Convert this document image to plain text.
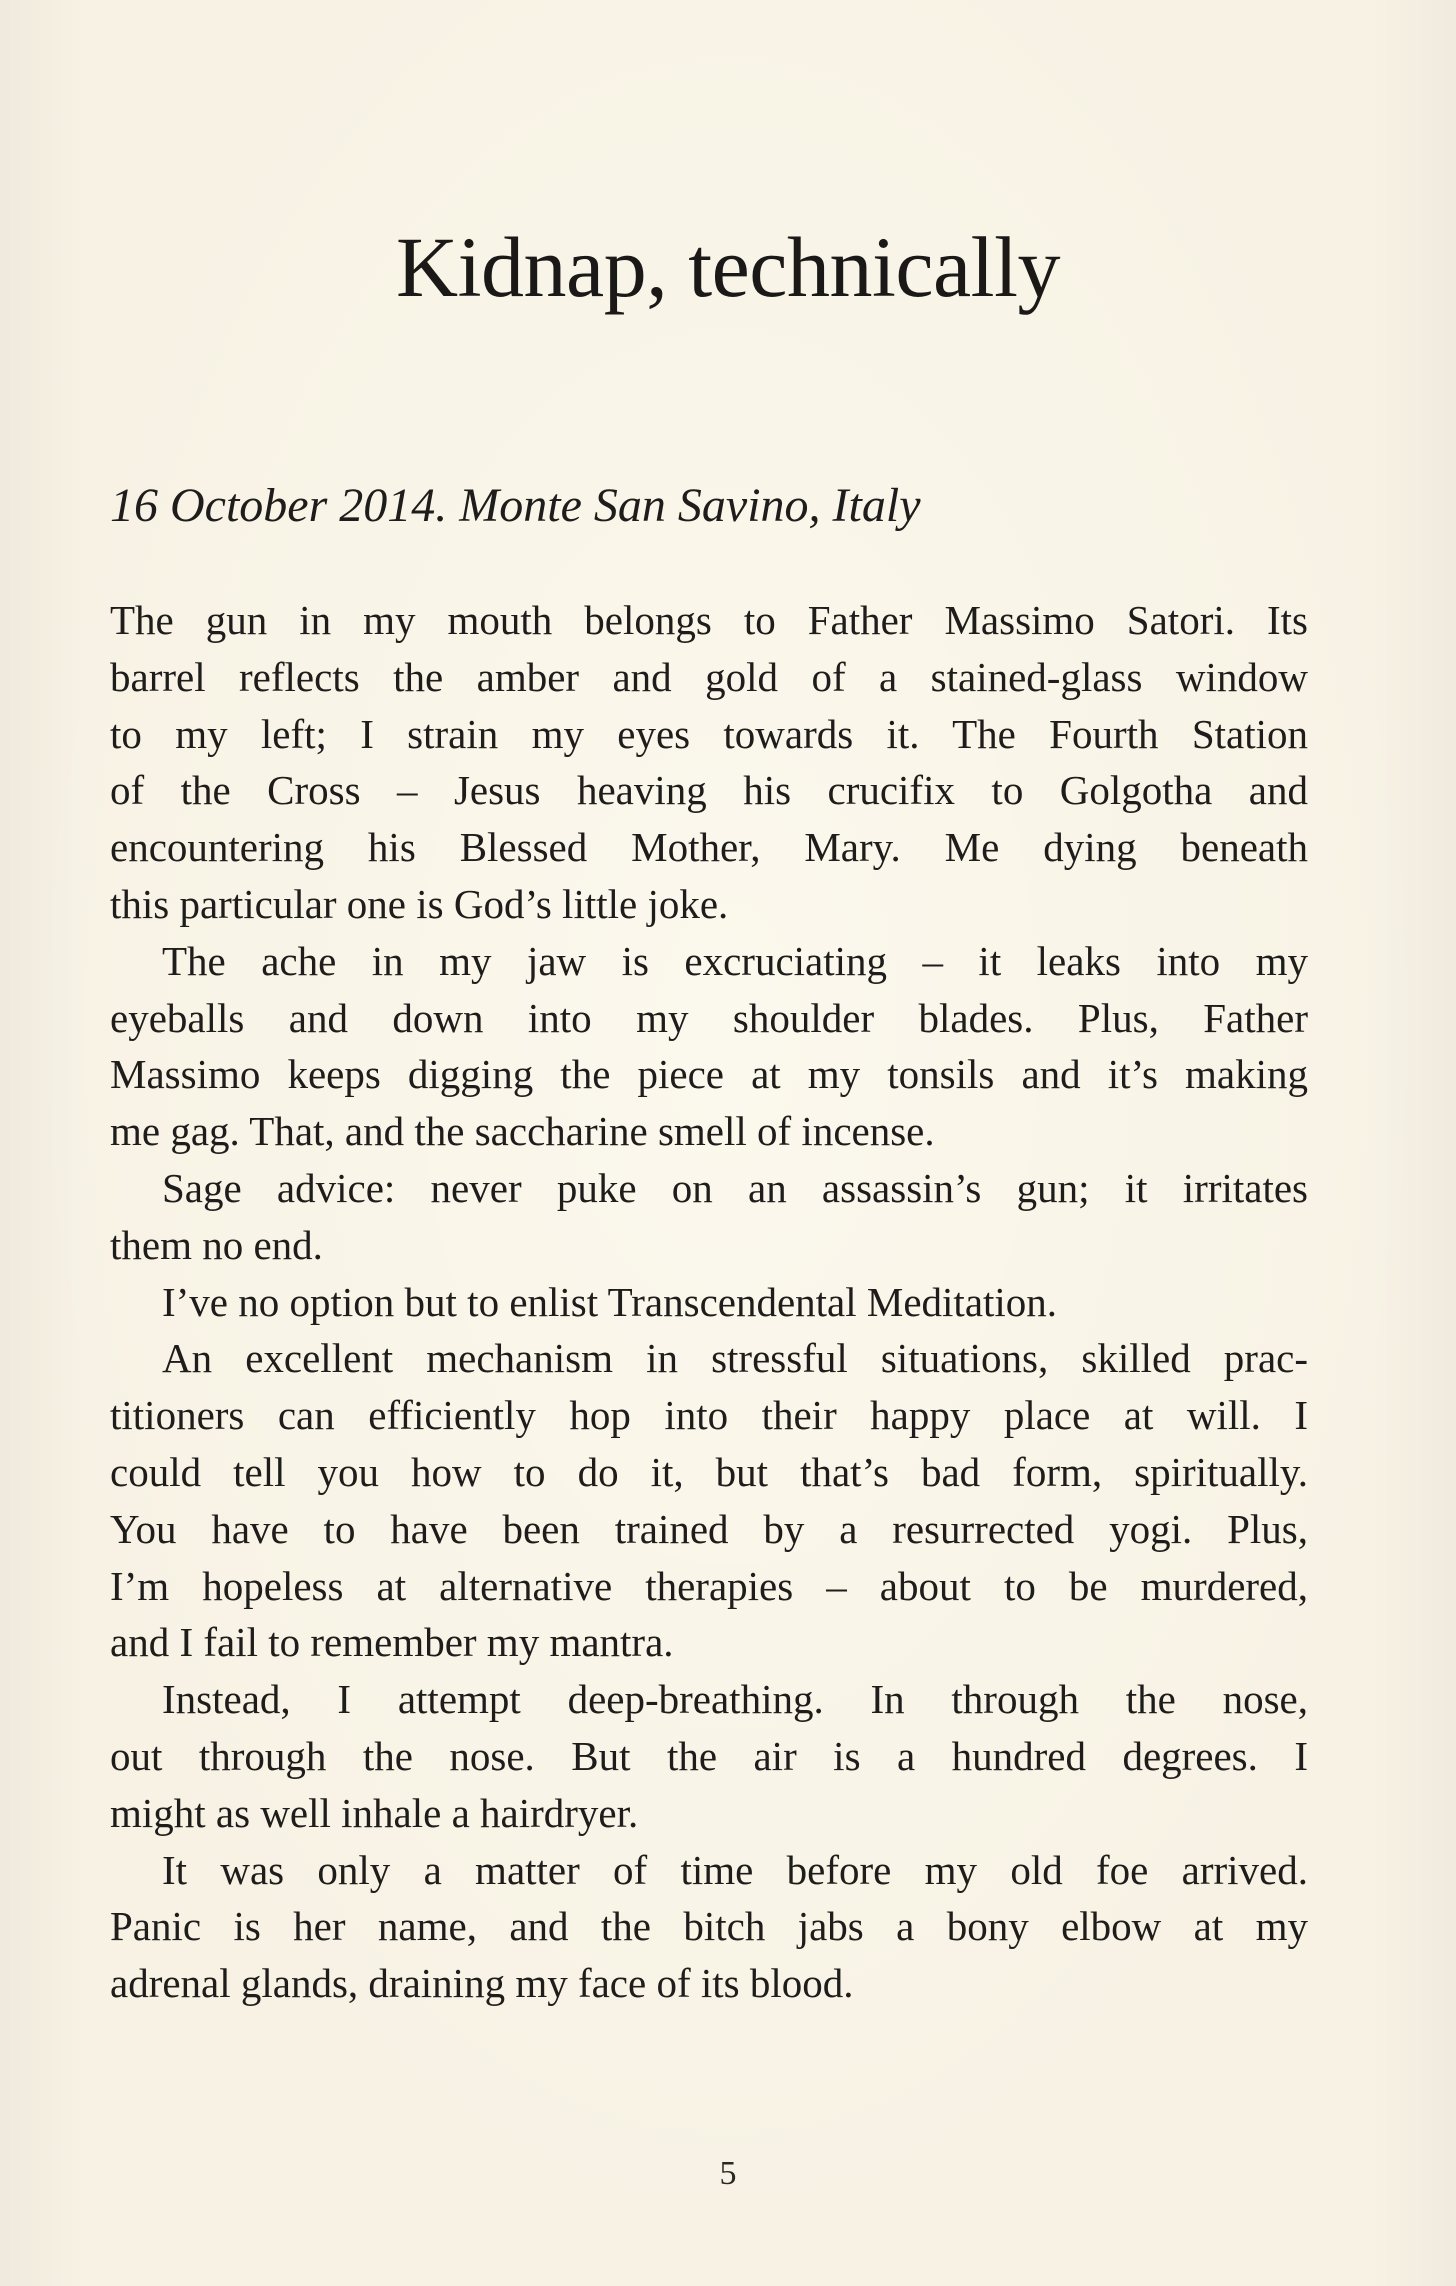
Kidnap, technically

16 October 2014. Monte San Savino, Italy

The gun in my mouth belongs to Father Massimo Satori. Its
barrel reflects the amber and gold of a stained-glass window
to my left; I strain my eyes towards it. The Fourth Station
of the Cross – Jesus heaving his crucifix to Golgotha and
encountering his Blessed Mother, Mary. Me dying beneath
this particular one is God’s little joke.
The ache in my jaw is excruciating – it leaks into my
eyeballs and down into my shoulder blades. Plus, Father
Massimo keeps digging the piece at my tonsils and it’s making
me gag. That, and the saccharine smell of incense.
Sage advice: never puke on an assassin’s gun; it irritates
them no end.
I’ve no option but to enlist Transcendental Meditation.
An excellent mechanism in stressful situations, skilled prac-
titioners can efficiently hop into their happy place at will. I
could tell you how to do it, but that’s bad form, spiritually.
You have to have been trained by a resurrected yogi. Plus,
I’m hopeless at alternative therapies – about to be murdered,
and I fail to remember my mantra.
Instead, I attempt deep-breathing. In through the nose,
out through the nose. But the air is a hundred degrees. I
might as well inhale a hairdryer.
It was only a matter of time before my old foe arrived.
Panic is her name, and the bitch jabs a bony elbow at my
adrenal glands, draining my face of its blood.
5
